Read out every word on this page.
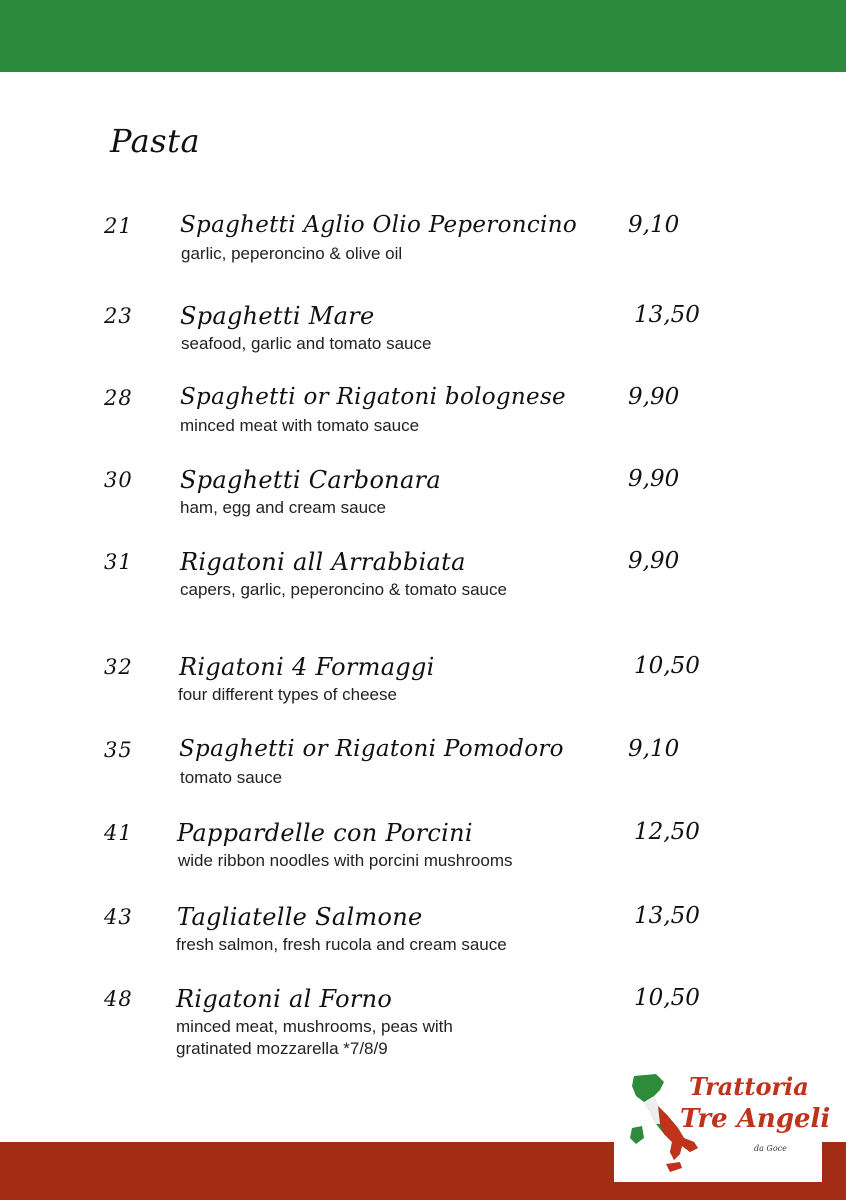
Pasta
21 Spaghetti Aglio Olio Peperoncino 9,10
garlic, peperoncino & olive oil
23 Spaghetti Mare	13,50
seafood, garlic and tomato sauce
28 Spaghetti or Rigatoni bolognese	9,90
minced meat with tomato sauce
30 Spaghetti Carbonara	9,90
ham, egg and cream sauce
31 Rigatoni all Arrabbiata	9,90
capers, garlic, peperoncino & tomato sauce
32 Rigatoni 4 Formaggi	10,50
four different types of cheese
35 Spaghetti or Rigatoni Pomodoro	9,10
tomato sauce
41 Pappardelle con Porcini	12,50
wide ribbon noodles with porcini mushrooms
43 Tagliatelle Salmone	13,50
fresh salmon, fresh rucola and cream sauce
48 Rigatoni al Forno	10,50
minced meat, mushrooms, peas with
gratinated mozzarella *7/8/9
Trattoria
Tre Angeli
da Goce
